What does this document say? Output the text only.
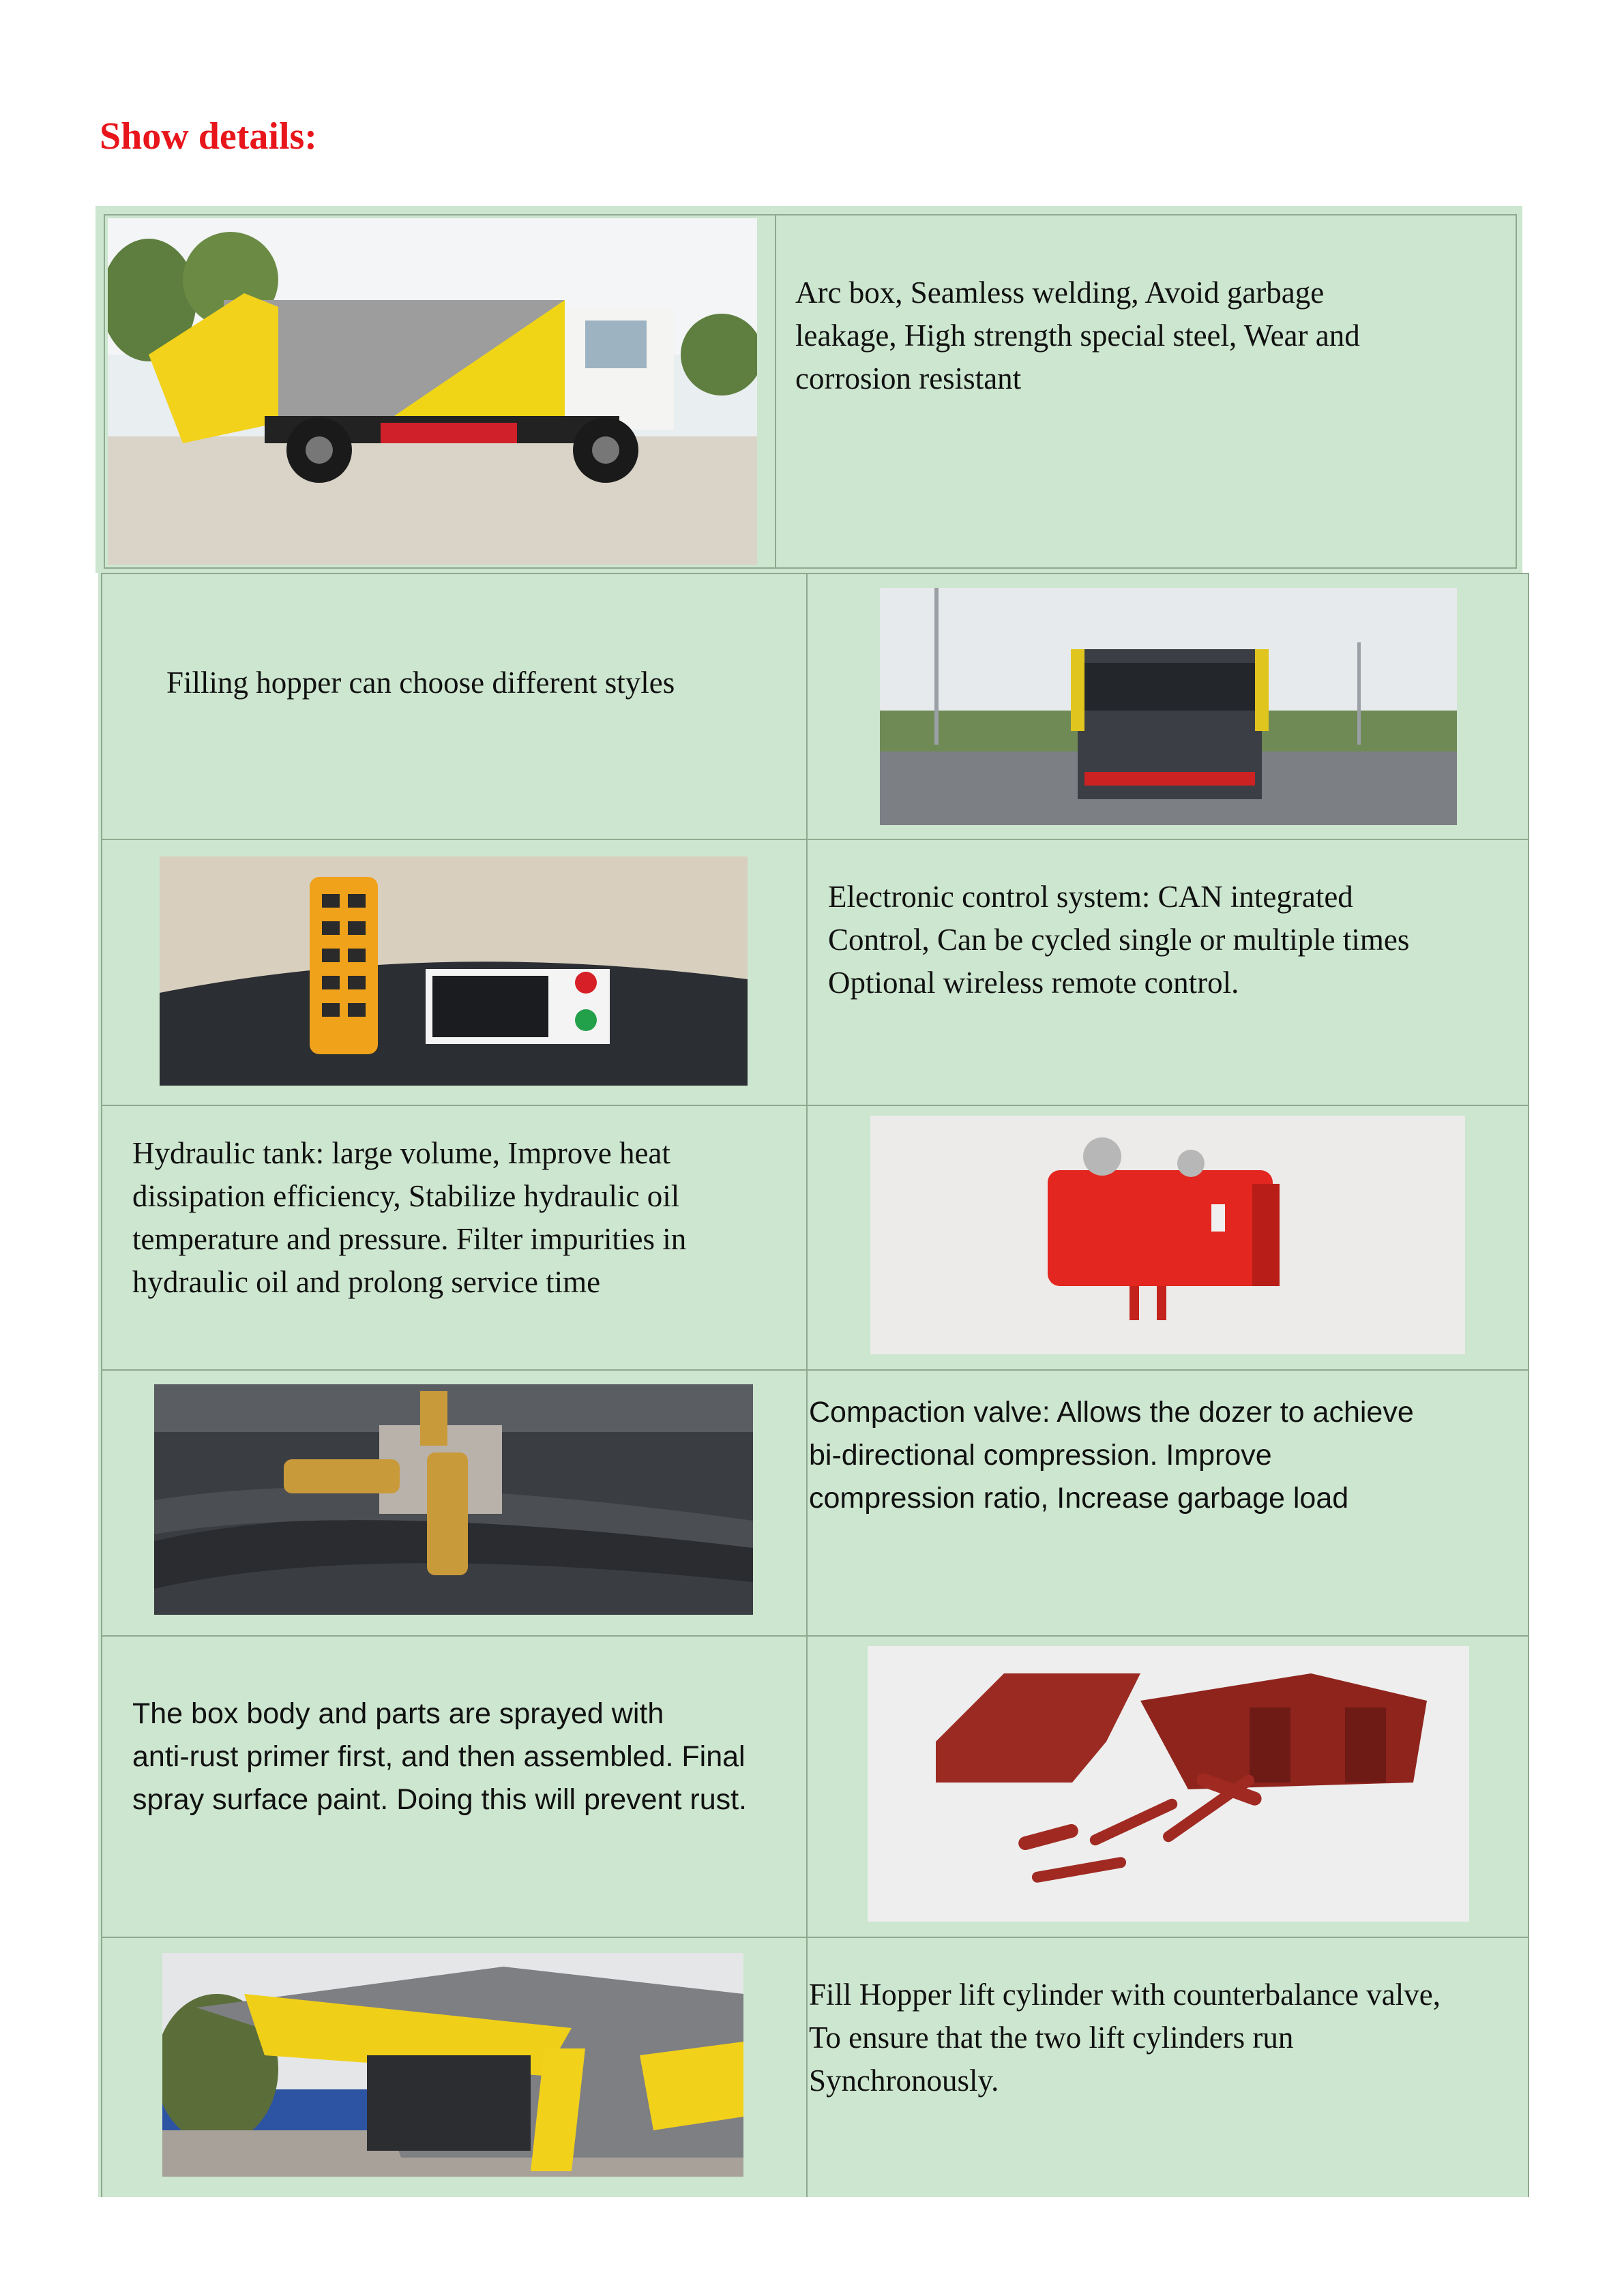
Show details:
Arc box, Seamless welding, Avoid garbage
leakage, High strength special steel, Wear and
corrosion resistant
Filling hopper can choose different styles
Electronic control system: CAN integrated
Control, Can be cycled single or multiple times
Optional wireless remote control.
Hydraulic tank: large volume, Improve heat
dissipation efficiency, Stabilize hydraulic oil
temperature and pressure. Filter impurities in
hydraulic oil and prolong service time
Compaction valve: Allows the dozer to achieve
bi-directional compression. Improve
compression ratio, Increase garbage load
The box body and parts are sprayed with
anti-rust primer first, and then assembled. Final
spray surface paint. Doing this will prevent rust.
Fill Hopper lift cylinder with counterbalance valve,
To ensure that the two lift cylinders run
Synchronously.
